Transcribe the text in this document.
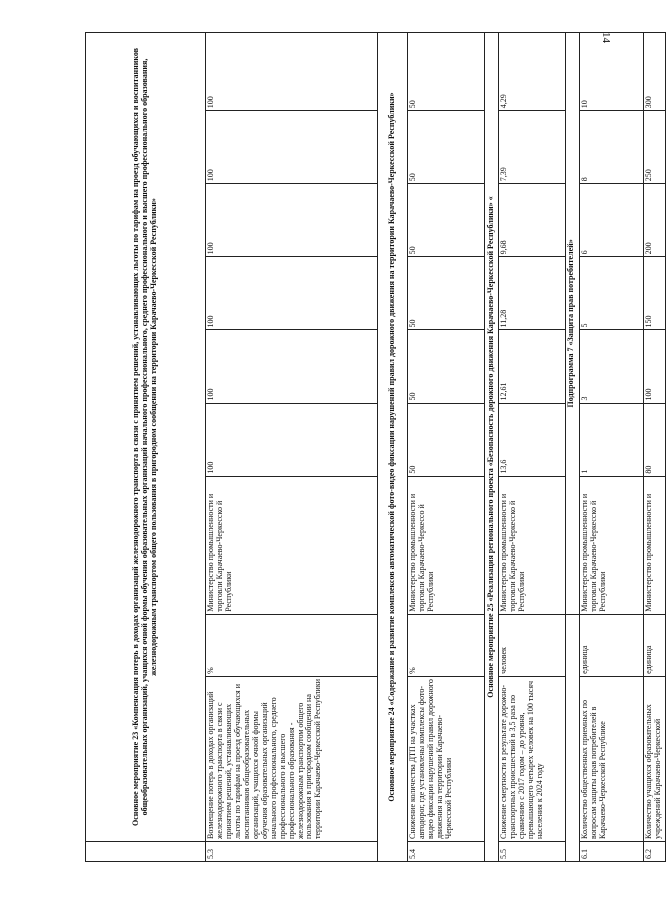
14
	Основное мероприятие 23 «Компенсация потерь в доходах организаций железнодорожного транспорта в связи с принятием решений, устанавливающих льготы по тарифам на проезд обучающихся и воспитанников общеобразовательных организаций, учащихся очной формы обучения образовательных организаций начального профессионального, среднего профессионального и высшего профессионального образования, железнодорожным транспортом общего пользования в пригородном сообщении на территории Карачаево-Черкесской Республики»								
5.3	Возмещение потерь в доходах организаций железнодорожного транспорта в связи с принятием решений, устанавливающих льготы по тарифам на проезд обучающихся и воспитанников общеобразовательных организаций, учащихся очной формы обучения образовательных организаций начального профессионального, среднего профессионального и высшего профессионального образования - железнодорожным транспортом общего пользования в пригородном сообщении на территории Карачаево-Черкесской Республики	%	Министерство промышленности и торговли Карачаево-Черкесско й Республики	100	100	100	100	100	100
Основное мероприятие 24 «Содержание и развитие комплексов автоматической фото-видео фиксации нарушений правил дорожного движения на территории Карачаево-Черкесской Республики»									
5.4	Снижение количества ДТП на участках автодорог, где установлены комплексы фото-видео фиксации нарушений правил дорожного движения на территории Карачаево-Черкесской Республики	%	Министерство промышленности и торговли Карачаево-Черкессо й Республики	50	50	50	50	50	50
Основное мероприятие 25 «Реализация регионального проекта «Безопасность дорожного движения Карачаево-Черкесской Республики» «									
5.5	Снижение смертности в результате дорожно-транспортных происшествий в 3,5 раза по сравнению с 2017 годом – до уровня, превышающего четырех человек на 100 тысяч населения к 2024 году	человек	Министерство промышленности и торговли Карачаево-Черкесско й Республики	13,6	12,61	11,28	9,68	7,39	4,29
			Подпрограмма 7 «Защита прав потребителей»						
6.1	Количество общественных приемных по вопросам защиты прав потребителей в Карачаево-Черкесской Республике	единица	Министерство промышленности и торговли Карачаево-Черкесско й Республики	1	3	5	6	8	10
6.2	Количество учащихся образовательных учреждений Карачаево-Черкесской	единица	Министерство промышленности и	80	100	150	200	250	300
